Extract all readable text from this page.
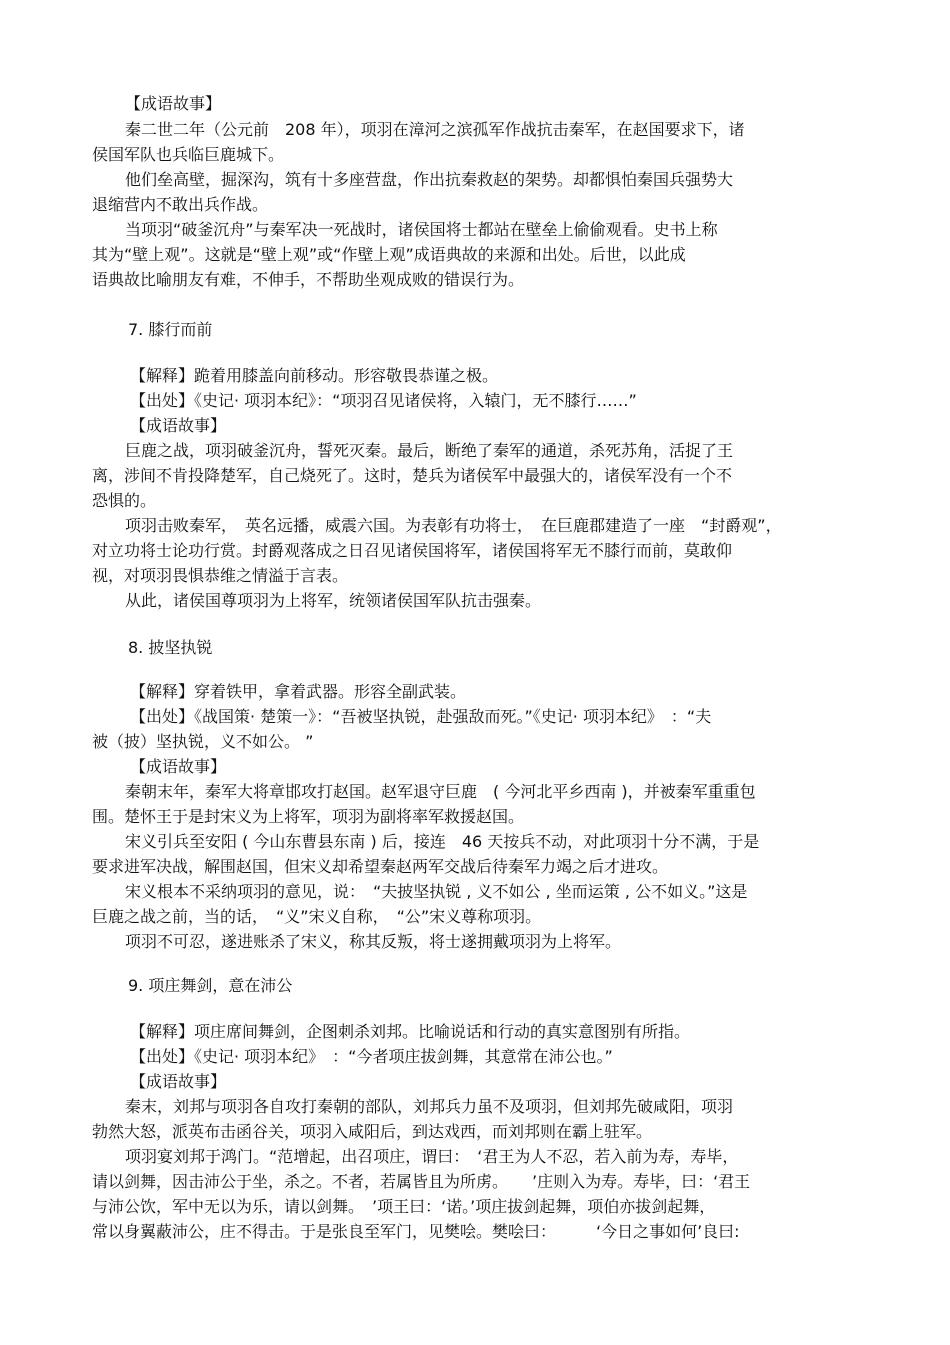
【成语故事】
秦二世二年（公元前　208 年），项羽在漳河之滨孤军作战抗击秦军，在赵国要求下，诸
侯国军队也兵临巨鹿城下。
他们垒高壁，掘深沟，筑有十多座营盘，作出抗秦救赵的架势。却都惧怕秦国兵强势大
退缩营内不敢出兵作战。
当项羽“破釜沉舟”与秦军决一死战时，诸侯国将士都站在壁垒上偷偷观看。史书上称
其为“壁上观”。这就是“壁上观”或“作壁上观”成语典故的来源和出处。后世，以此成
语典故比喻朋友有难，不伸手，不帮助坐观成败的错误行为。
7. 膝行而前
【解释】跪着用膝盖向前移动。形容敬畏恭谨之极。
【出处】《史记· 项羽本纪》：“项羽召见诸侯将，入辕门，无不膝行……”
【成语故事】
巨鹿之战，项羽破釜沉舟，誓死灭秦。最后，断绝了秦军的通道，杀死苏角，活捉了王
离，涉间不肯投降楚军，自己烧死了。这时，楚兵为诸侯军中最强大的，诸侯军没有一个不
恐惧的。
项羽击败秦军，　英名远播，威震六国。为表彰有功将士，　在巨鹿郡建造了一座　“封爵观”，
对立功将士论功行赏。封爵观落成之日召见诸侯国将军，诸侯国将军无不膝行而前，莫敢仰
视，对项羽畏惧恭维之情溢于言表。
从此，诸侯国尊项羽为上将军，统领诸侯国军队抗击强秦。
8. 披坚执锐
【解释】穿着铁甲，拿着武器。形容全副武装。
【出处】《战国策· 楚策一》：“吾被坚执锐，赴强敌而死。”《史记· 项羽本纪》　：“夫
被（披）坚执锐，义不如公。 ”
【成语故事】
秦朝末年，秦军大将章邯攻打赵国。赵军退守巨鹿　( 今河北平乡西南 )，并被秦军重重包
围。楚怀王于是封宋义为上将军，项羽为副将率军救援赵国。
宋义引兵至安阳 ( 今山东曹县东南 ) 后，接连　46 天按兵不动，对此项羽十分不满，于是
要求进军决战，解围赵国，但宋义却希望秦赵两军交战后待秦军力竭之后才进攻。
宋义根本不采纳项羽的意见，说：　“夫披坚执锐 , 义不如公 , 坐而运策 , 公不如义。”这是
巨鹿之战之前，当的话，　“义”宋义自称，　“公”宋义尊称项羽。
项羽不可忍，遂进账杀了宋义，称其反叛，将士遂拥戴项羽为上将军。
9. 项庄舞剑，意在沛公
【解释】项庄席间舞剑，企图刺杀刘邦。比喻说话和行动的真实意图别有所指。
【出处】《史记· 项羽本纪》　：“今者项庄拔剑舞，其意常在沛公也。”
【成语故事】
秦末，刘邦与项羽各自攻打秦朝的部队，刘邦兵力虽不及项羽，但刘邦先破咸阳，项羽
勃然大怒，派英布击函谷关，项羽入咸阳后，到达戏西，而刘邦则在霸上驻军。
项羽宴刘邦于鸿门。“范增起，出召项庄，谓曰：　‘君王为人不忍，若入前为寿，寿毕，
请以剑舞，因击沛公于坐，杀之。不者，若属皆且为所虏。　　’庄则入为寿。寿毕，曰：‘君王
与沛公饮，军中无以为乐，请以剑舞。　’项王曰：‘诺。’项庄拔剑起舞，项伯亦拔剑起舞，
常以身翼蔽沛公，庄不得击。于是张良至军门，见樊哙。樊哙曰：　　　‘今日之事如何’良曰:
